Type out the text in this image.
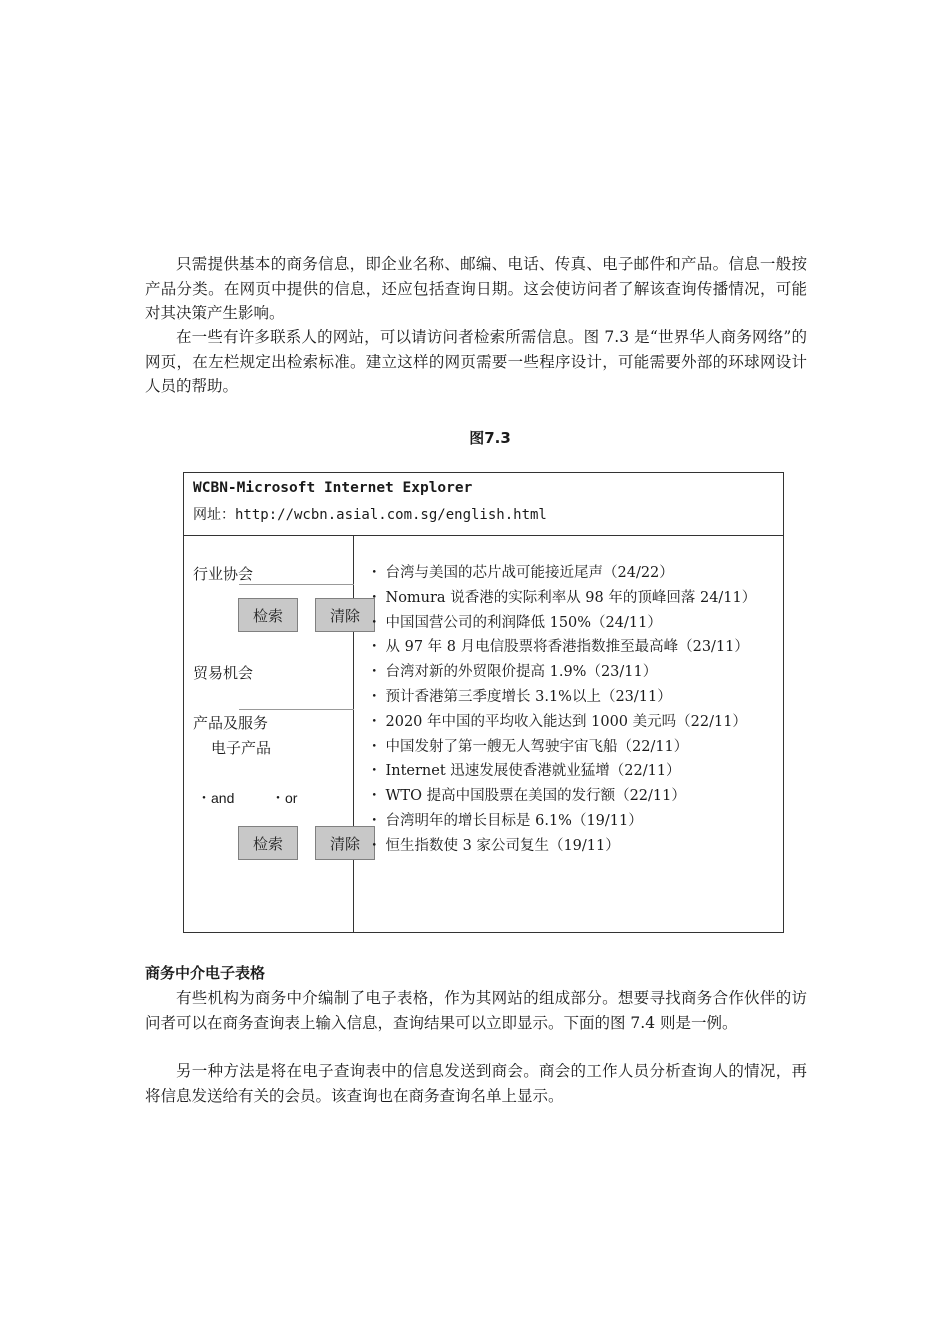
只需提供基本的商务信息，即企业名称、邮编、电话、传真、电子邮件和产品。信息一般按产品分类。在网页中提供的信息，还应包括查询日期。这会使访问者了解该查询传播情况，可能对其决策产生影响。

在一些有许多联系人的网站，可以请访问者检索所需信息。图 7.3 是“世界华人商务网络”的网页，在左栏规定出检索标准。建立这样的网页需要一些程序设计，可能需要外部的环球网设计人员的帮助。

图7.3
WCBN-Microsoft Internet Explorer
网址：http://wcbn.asial.com.sg/english.html
行业协会
检索	清除
贸易机会
产品及服务
电子产品
・and	・or
检索	清除
・ 台湾与美国的芯片战可能接近尾声（24/22）
・ Nomura 说香港的实际利率从 98 年的顶峰回落 24/11）
・ 中国国营公司的利润降低 150%（24/11）
・ 从 97 年 8 月电信股票将香港指数推至最高峰（23/11）
・ 台湾对新的外贸限价提高 1.9%（23/11）
・ 预计香港第三季度增长 3.1%以上（23/11）
・ 2020 年中国的平均收入能达到 1000 美元吗（22/11）
・ 中国发射了第一艘无人驾驶宇宙飞船（22/11）
・ Internet 迅速发展使香港就业猛增（22/11）
・ WTO 提高中国股票在美国的发行额（22/11）
・ 台湾明年的增长目标是 6.1%（19/11）
・ 恒生指数使 3 家公司复生（19/11）
商务中介电子表格

有些机构为商务中介编制了电子表格，作为其网站的组成部分。想要寻找商务合作伙伴的访问者可以在商务查询表上输入信息，查询结果可以立即显示。下面的图 7.4 则是一例。

另一种方法是将在电子查询表中的信息发送到商会。商会的工作人员分析查询人的情况，再将信息发送给有关的会员。该查询也在商务查询名单上显示。
